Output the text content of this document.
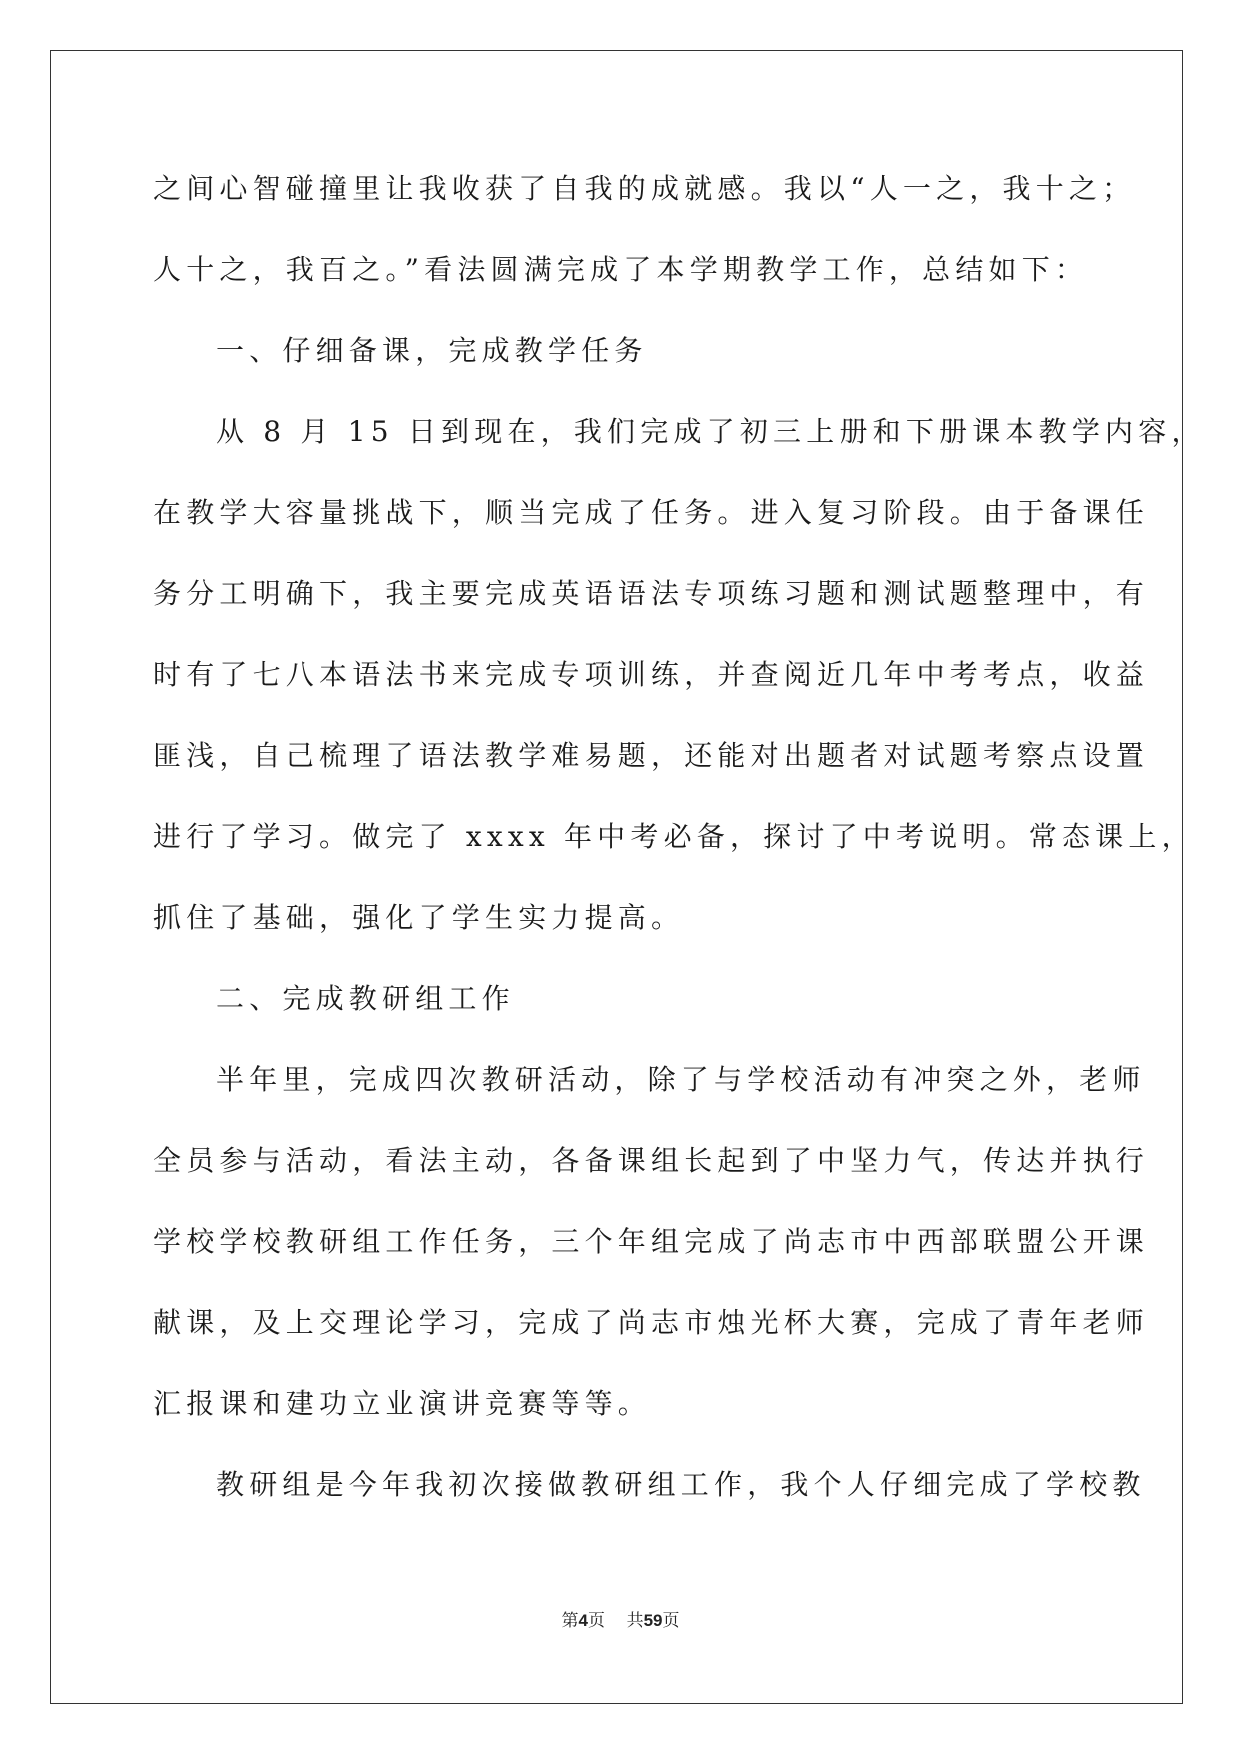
之间心智碰撞里让我收获了自我的成就感。我以“人一之，我十之；
人十之，我百之。”看法圆满完成了本学期教学工作，总结如下：
一、仔细备课，完成教学任务
从 8 月 15 日到现在，我们完成了初三上册和下册课本教学内容，
在教学大容量挑战下，顺当完成了任务。进入复习阶段。由于备课任
务分工明确下，我主要完成英语语法专项练习题和测试题整理中，有
时有了七八本语法书来完成专项训练，并查阅近几年中考考点，收益
匪浅，自己梳理了语法教学难易题，还能对出题者对试题考察点设置
进行了学习。做完了 xxxx 年中考必备，探讨了中考说明。常态课上，
抓住了基础，强化了学生实力提高。
二、完成教研组工作
半年里，完成四次教研活动，除了与学校活动有冲突之外，老师
全员参与活动，看法主动，各备课组长起到了中坚力气，传达并执行
学校学校教研组工作任务，三个年组完成了尚志市中西部联盟公开课
献课，及上交理论学习，完成了尚志市烛光杯大赛，完成了青年老师
汇报课和建功立业演讲竞赛等等。
教研组是今年我初次接做教研组工作，我个人仔细完成了学校教
第4页 共59页
